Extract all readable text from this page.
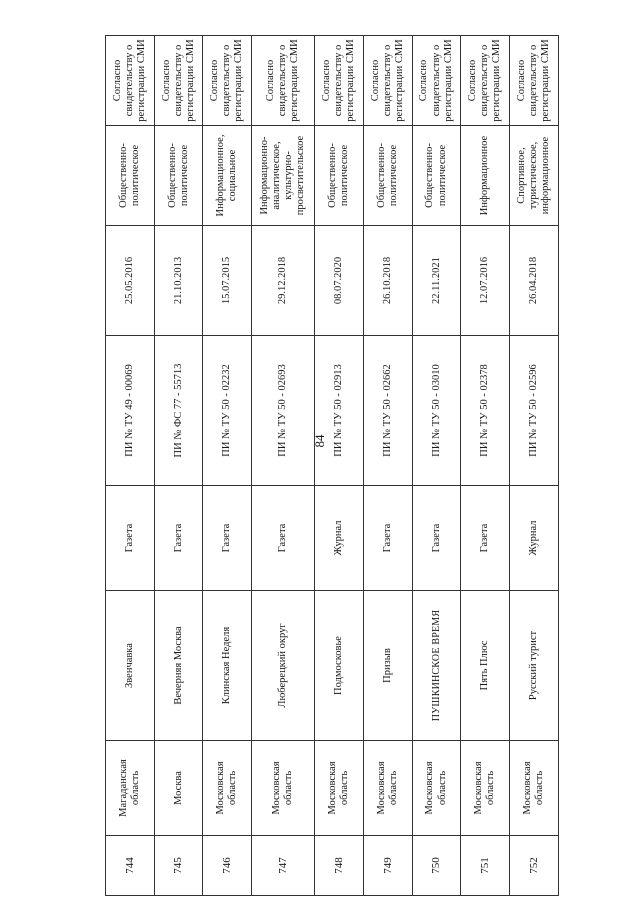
84
744	Магаданская область	Звенчавка	Газета	ПИ № ТУ 49 - 00069	25.05.2016	Общественно-политическое	Согласно свидетельству о регистрации СМИ
745	Москва	Вечерняя Москва	Газета	ПИ № ФС 77 - 55713	21.10.2013	Общественно-политическое	Согласно свидетельству о регистрации СМИ
746	Московская область	Клинская Неделя	Газета	ПИ № ТУ 50 - 02232	15.07.2015	Информационное, социальное	Согласно свидетельству о регистрации СМИ
747	Московская область	Люберецкий округ	Газета	ПИ № ТУ 50 - 02693	29.12.2018	Информационно-аналитическое, культурно-просветительское	Согласно свидетельству о регистрации СМИ
748	Московская область	Подмосковье	Журнал	ПИ № ТУ 50 - 02913	08.07.2020	Общественно-политическое	Согласно свидетельству о регистрации СМИ
749	Московская область	Призыв	Газета	ПИ № ТУ 50 - 02662	26.10.2018	Общественно-политическое	Согласно свидетельству о регистрации СМИ
750	Московская область	ПУШКИНСКОЕ ВРЕМЯ	Газета	ПИ № ТУ 50 - 03010	22.11.2021	Общественно-политическое	Согласно свидетельству о регистрации СМИ
751	Московская область	Пять Плюс	Газета	ПИ № ТУ 50 - 02378	12.07.2016	Информационное	Согласно свидетельству о регистрации СМИ
752	Московская область	Русский турист	Журнал	ПИ № ТУ 50 - 02596	26.04.2018	Спортивное, туристическое, информационное	Согласно свидетельству о регистрации СМИ
